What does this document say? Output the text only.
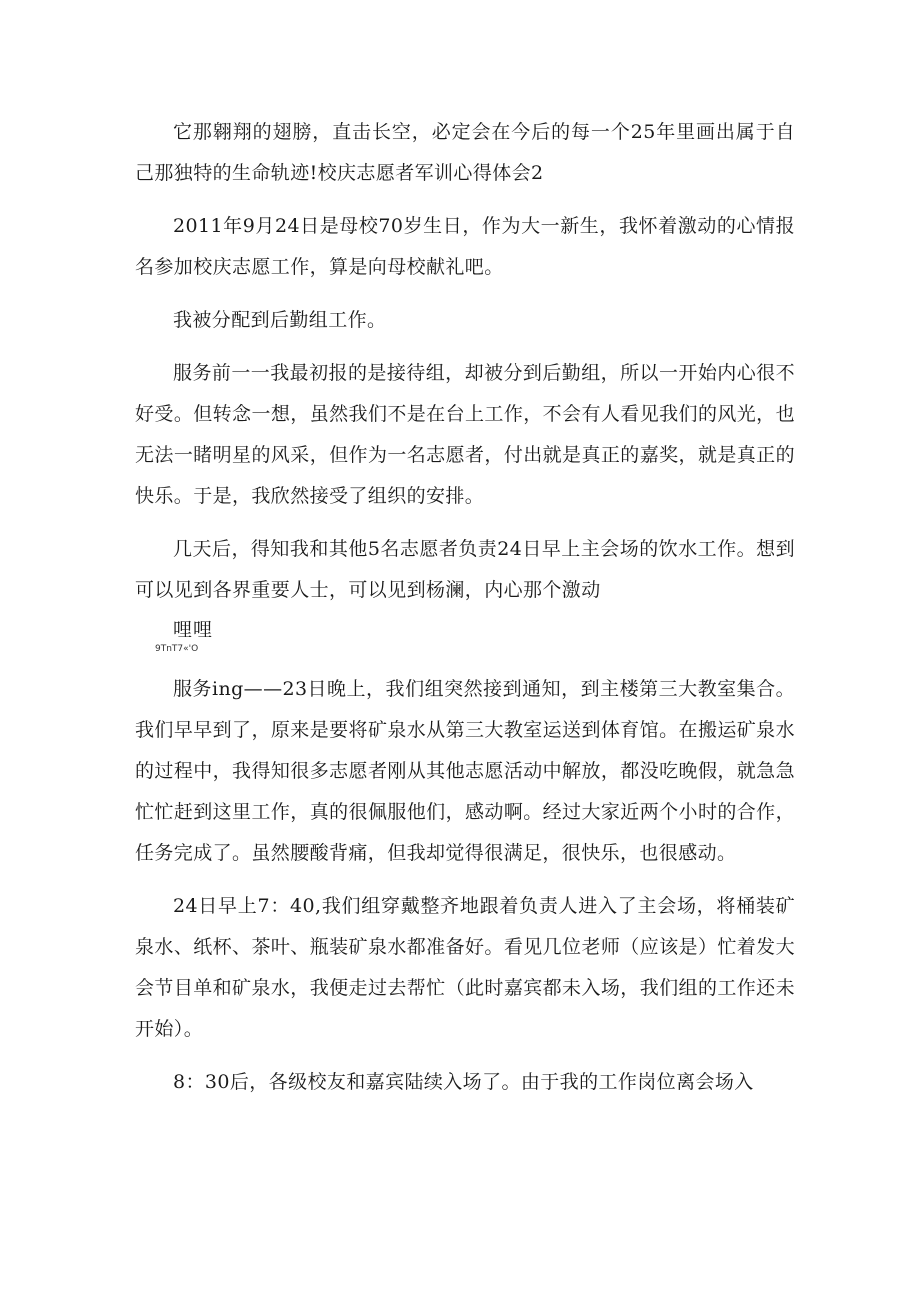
它那翱翔的翅膀，直击长空，必定会在今后的每一个25年里画出属于自己那独特的生命轨迹!校庆志愿者军训心得体会2

2011年9月24日是母校70岁生日，作为大一新生，我怀着激动的心情报名参加校庆志愿工作，算是向母校献礼吧。

我被分配到后勤组工作。

服务前一一我最初报的是接待组，却被分到后勤组，所以一开始内心很不好受。但转念一想，虽然我们不是在台上工作，不会有人看见我们的风光，也无法一睹明星的风采，但作为一名志愿者，付出就是真正的嘉奖，就是真正的快乐。于是，我欣然接受了组织的安排。

几天后，得知我和其他5名志愿者负责24日早上主会场的饮水工作。想到可以见到各界重要人士，可以见到杨澜，内心那个激动

哩哩
9TnT7«'O

服务ing——23日晚上，我们组突然接到通知，到主楼第三大教室集合。我们早早到了，原来是要将矿泉水从第三大教室运送到体育馆。在搬运矿泉水的过程中，我得知很多志愿者刚从其他志愿活动中解放，都没吃晚假，就急急忙忙赶到这里工作，真的很佩服他们，感动啊。经过大家近两个小时的合作，任务完成了。虽然腰酸背痛，但我却觉得很满足，很快乐，也很感动。

24日早上7：40,我们组穿戴整齐地跟着负责人进入了主会场，将桶装矿泉水、纸杯、茶叶、瓶装矿泉水都准备好。看见几位老师（应该是）忙着发大会节目单和矿泉水，我便走过去帮忙（此时嘉宾都未入场，我们组的工作还未开始）。

8：30后，各级校友和嘉宾陆续入场了。由于我的工作岗位离会场入
